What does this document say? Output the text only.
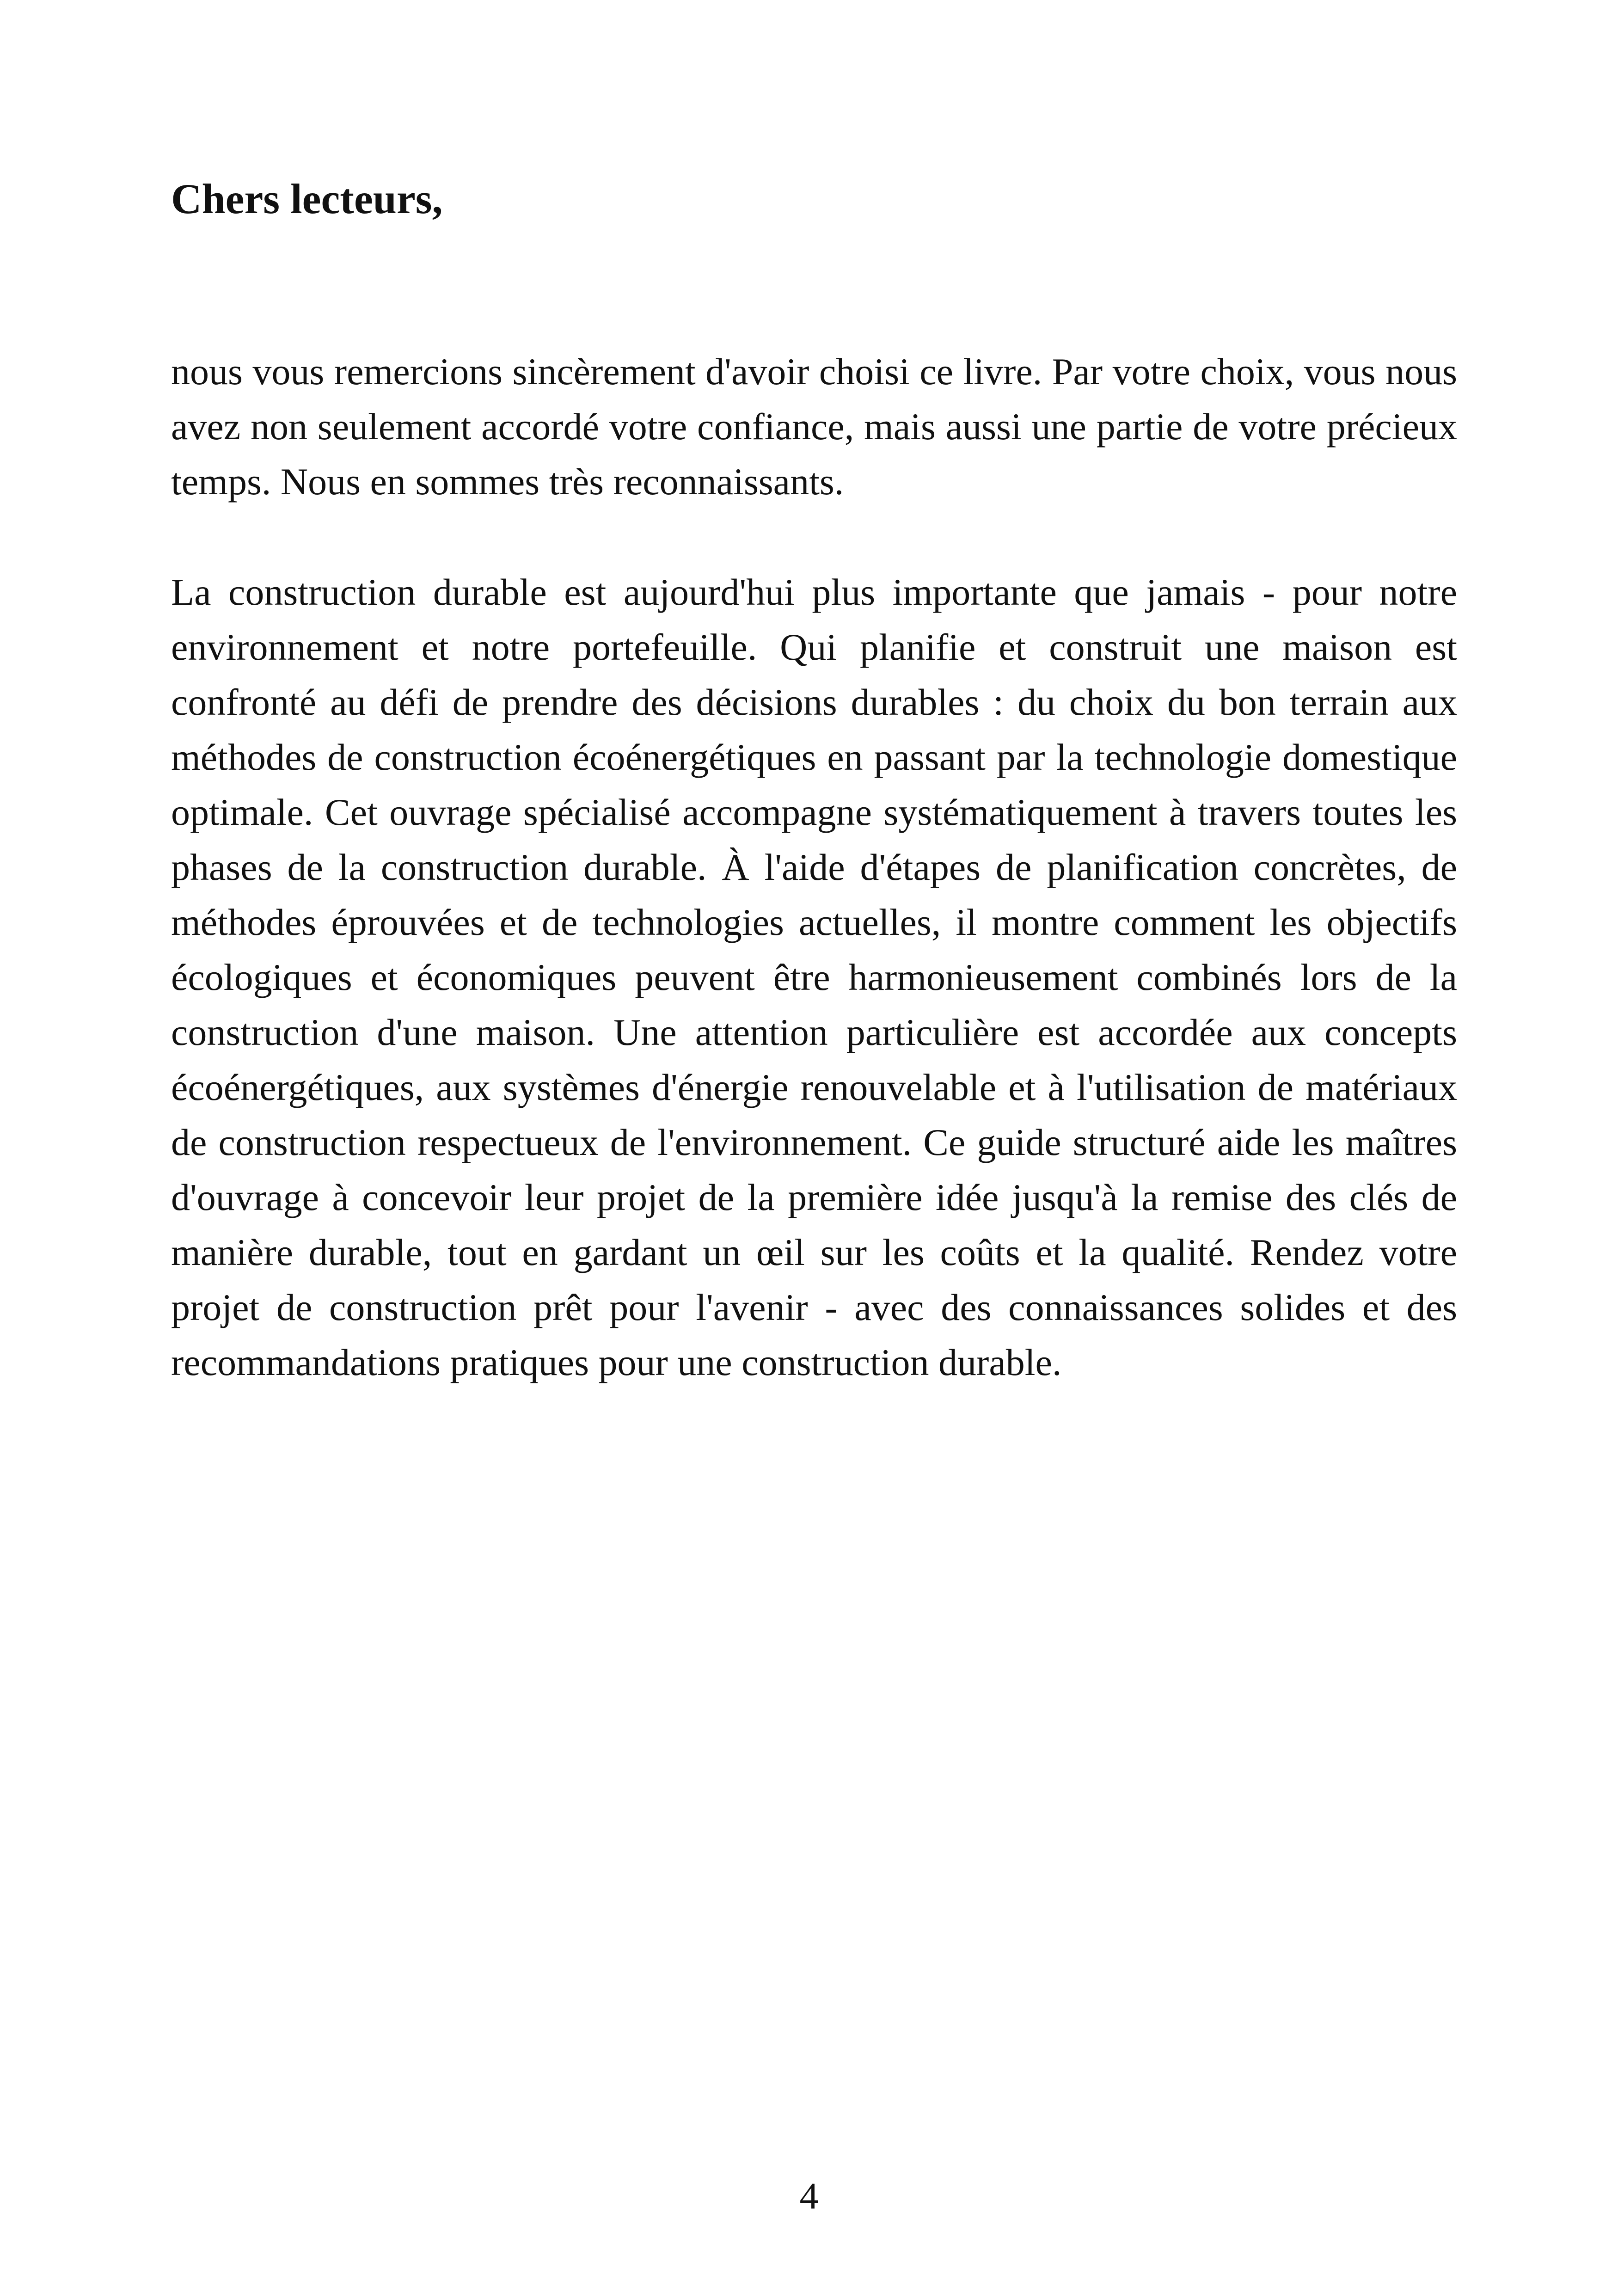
Chers lecteurs,

nous vous remercions sincèrement d'avoir choisi ce livre. Par votre choix, vous nous avez non seulement accordé votre confiance, mais aussi une partie de votre précieux temps. Nous en sommes très reconnaissants.

La construction durable est aujourd'hui plus importante que jamais - pour notre environnement et notre portefeuille. Qui planifie et construit une maison est confronté au défi de prendre des décisions durables : du choix du bon terrain aux méthodes de construction écoénergétiques en passant par la technologie domestique optimale. Cet ouvrage spécialisé accompagne systématiquement à travers toutes les phases de la construction durable. À l'aide d'étapes de planification concrètes, de méthodes éprouvées et de technologies actuelles, il montre comment les objectifs écologiques et économiques peuvent être harmonieusement combinés lors de la construction d'une maison. Une attention particulière est accordée aux concepts écoénergétiques, aux systèmes d'énergie renouvelable et à l'utilisation de matériaux de construction respectueux de l'environnement. Ce guide structuré aide les maîtres d'ouvrage à concevoir leur projet de la première idée jusqu'à la remise des clés de manière durable, tout en gardant un œil sur les coûts et la qualité. Rendez votre projet de construction prêt pour l'avenir - avec des connaissances solides et des recommandations pratiques pour une construction durable.

4
